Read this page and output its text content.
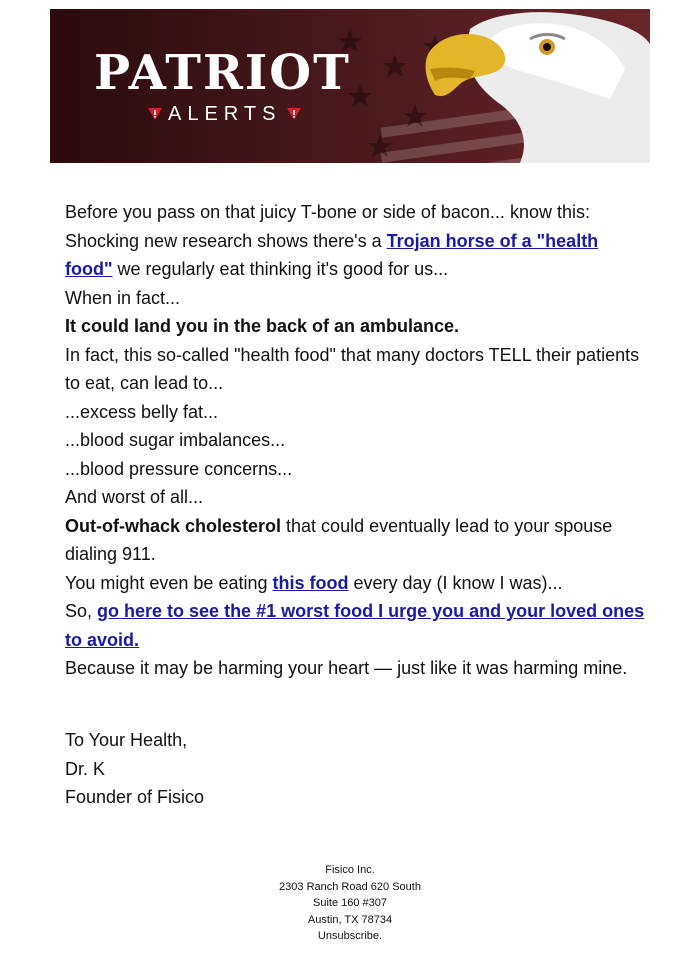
PATRIOT
ALERTS

Before you pass on that juicy T-bone or side of bacon... know this:

Shocking new research shows there's a Trojan horse of a "health food" we regularly eat thinking it's good for us...

When in fact...

It could land you in the back of an ambulance.

In fact, this so-called "health food" that many doctors TELL their patients to eat, can lead to...

...excess belly fat...

...blood sugar imbalances...

...blood pressure concerns...

And worst of all...

Out-of-whack cholesterol that could eventually lead to your spouse dialing 911.

You might even be eating this food every day (I know I was)...

So, go here to see the #1 worst food I urge you and your loved ones to avoid.

Because it may be harming your heart — just like it was harming mine.

To Your Health,
Dr. K
Founder of Fisico
Fisico Inc.
2303 Ranch Road 620 South
Suite 160 #307
Austin, TX 78734
Unsubscribe.
